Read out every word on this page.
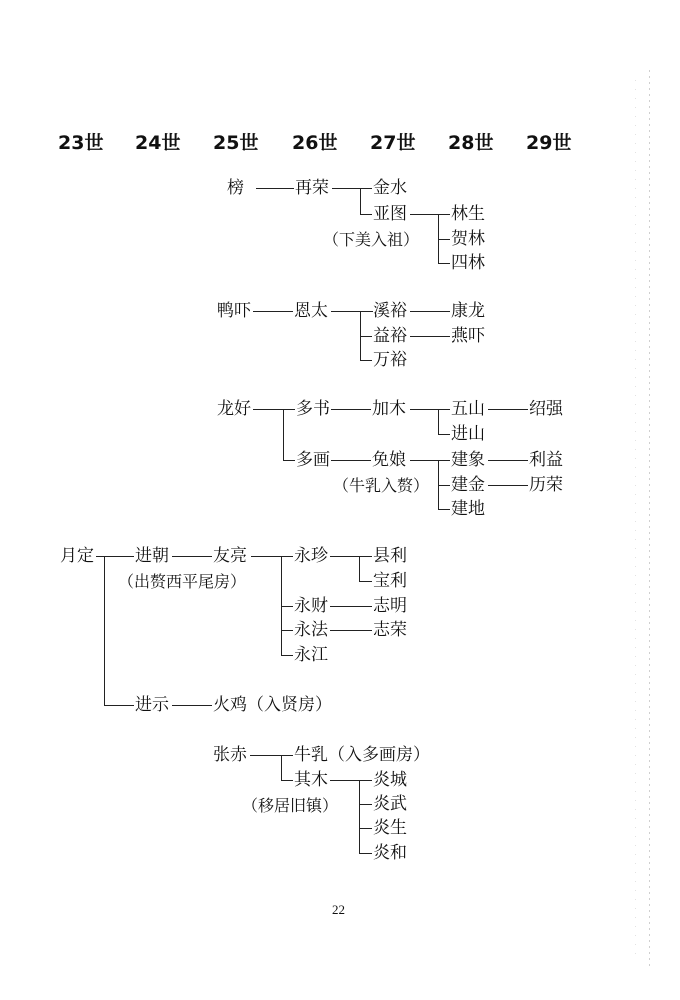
23世 24世 25世 26世 27世 28世 29世
榜	再荣	金水
亚图
（下美入祖）
林生
贺林
四林
鸭吓	恩太	溪裕
益裕
万裕
康龙
燕吓
龙好	多书 加木	五山
进山
绍强
多画 免娘
（牛乳入赘）
建象
建金
建地
利益
历荣
月定 进朝
（出赘西平尾房）
友亮	永珍
永财
永法
永江
县利
宝利
志明
志荣
进示	火鸡（入贤房）
张赤	牛乳（入多画房）
其木
（移居旧镇）
炎城
炎武
炎生
炎和
22
